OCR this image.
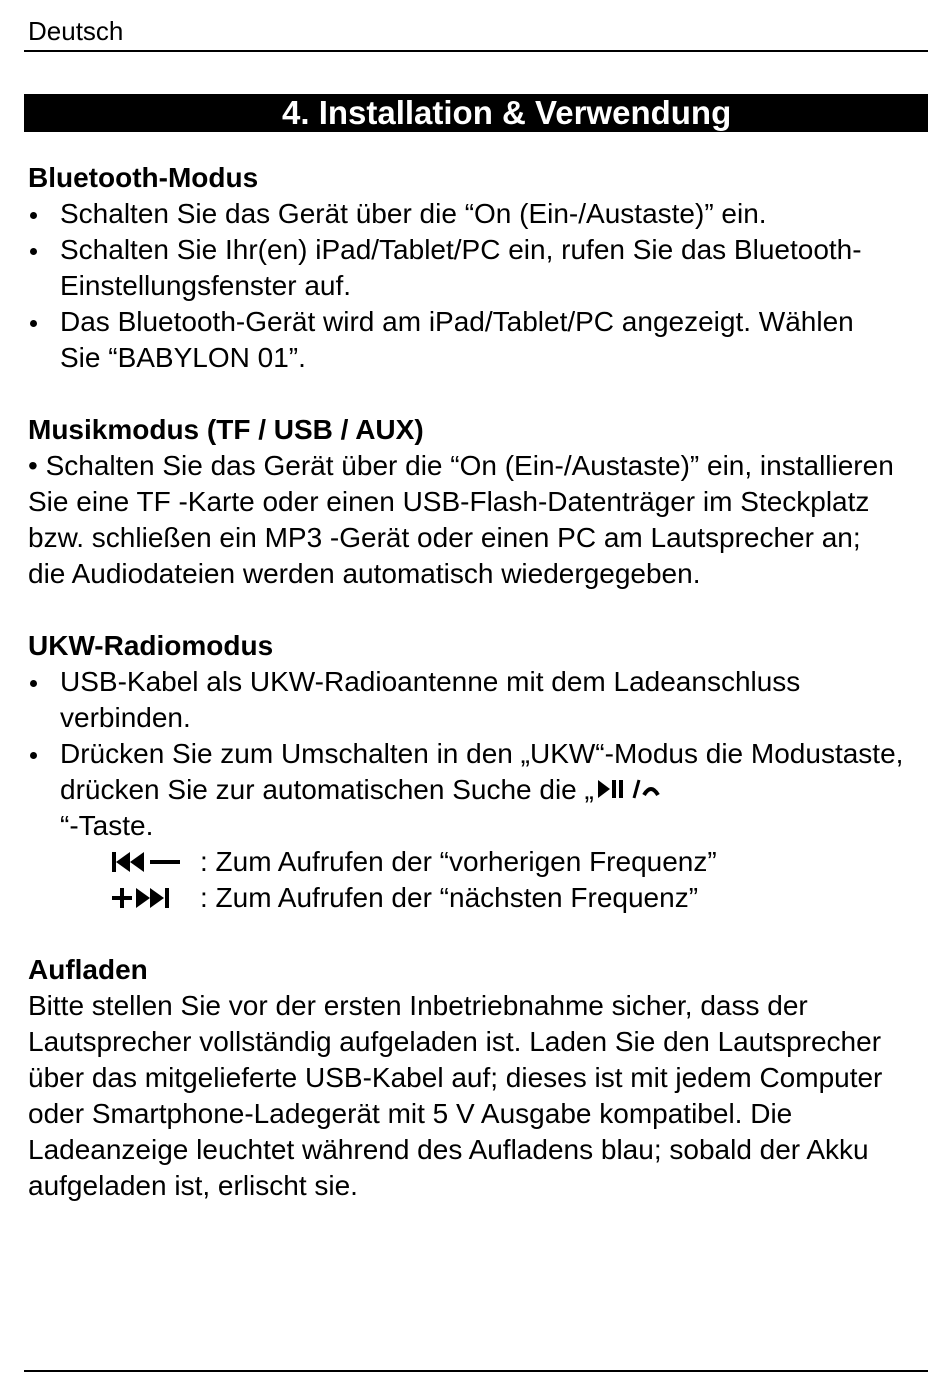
Deutsch
4. Installation & Verwendung
Bluetooth-Modus
Schalten Sie das Gerät über die “On (Ein-/Austaste)” ein.
Schalten Sie Ihr(en) iPad/Tablet/PC ein, rufen Sie das Bluetooth-Einstellungsfenster auf.
Das Bluetooth-Gerät wird am iPad/Tablet/PC angezeigt. Wählen Sie “BABYLON 01”.
Musikmodus (TF / USB / AUX)

• Schalten Sie das Gerät über die “On (Ein-/Austaste)” ein, installieren Sie eine TF -Karte oder einen USB-Flash-Datenträger im Steckplatz bzw. schließen ein MP3 -Gerät oder einen PC am Lautsprecher an; die Audiodateien werden automatisch wiedergegeben.

UKW-Radiomodus
USB-Kabel als UKW-Radioantenne mit dem Ladeanschluss verbinden.
Drücken Sie zum Umschalten in den „UKW“-Modus die Modustaste, drücken Sie zur automatischen Suche die „

“-Taste.
: Zum Aufrufen der “vorherigen Frequenz”
: Zum Aufrufen der “nächsten Frequenz”
Aufladen

Bitte stellen Sie vor der ersten Inbetriebnahme sicher, dass der Lautsprecher vollständig aufgeladen ist. Laden Sie den Lautsprecher über das mitgelieferte USB-Kabel auf; dieses ist mit jedem Computer oder Smartphone-Ladegerät mit 5 V Ausgabe kompatibel. Die Ladeanzeige leuchtet während des Aufladens blau; sobald der Akku aufgeladen ist, erlischt sie.
